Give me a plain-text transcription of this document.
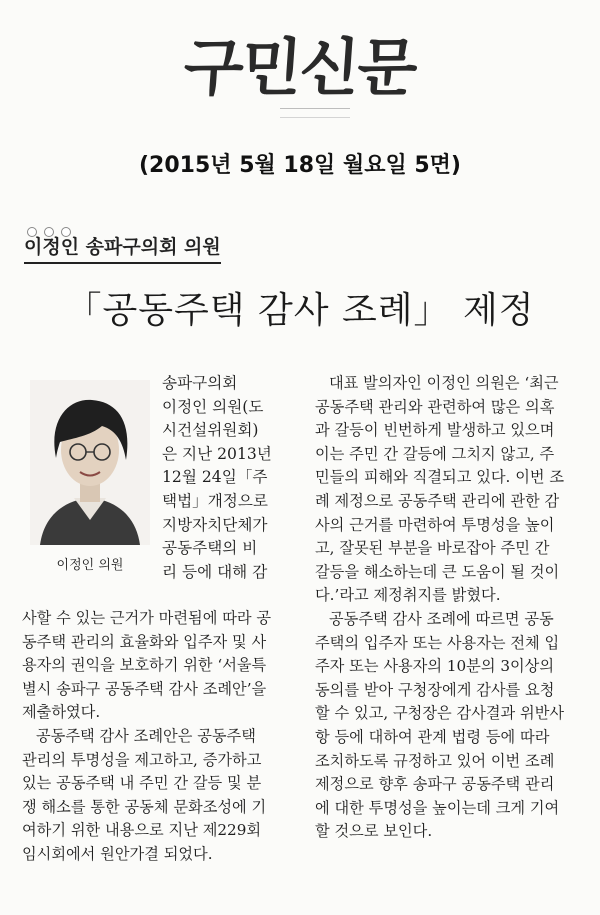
구민신문
(2015년 5월 18일 월요일 5면)
이정인 송파구의회 의원
「공동주택 감사 조례」 제정
이정인 의원
송파구의회
이정인 의원(도
시건설위원회)
은 지난 2013년
12월 24일「주
택법」개정으로
지방자치단체가
공동주택의 비
리 등에 대해 감
사할 수 있는 근거가 마련됨에 따라 공
동주택 관리의 효율화와 입주자 및 사
용자의 권익을 보호하기 위한 ‘서울특
별시 송파구 공동주택 감사 조례안’을
제출하였다.
공동주택 감사 조례안은 공동주택
관리의 투명성을 제고하고, 증가하고
있는 공동주택 내 주민 간 갈등 및 분
쟁 해소를 통한 공동체 문화조성에 기
여하기 위한 내용으로 지난 제229회
임시회에서 원안가결 되었다.
대표 발의자인 이정인 의원은 ‘최근
공동주택 관리와 관련하여 많은 의혹
과 갈등이 빈번하게 발생하고 있으며
이는 주민 간 갈등에 그치지 않고, 주
민들의 피해와 직결되고 있다. 이번 조
례 제정으로 공동주택 관리에 관한 감
사의 근거를 마련하여 투명성을 높이
고, 잘못된 부분을 바로잡아 주민 간
갈등을 해소하는데 큰 도움이 될 것이
다.’라고 제정취지를 밝혔다.
공동주택 감사 조례에 따르면 공동
주택의 입주자 또는 사용자는 전체 입
주자 또는 사용자의 10분의 3이상의
동의를 받아 구청장에게 감사를 요청
할 수 있고, 구청장은 감사결과 위반사
항 등에 대하여 관계 법령 등에 따라
조치하도록 규정하고 있어 이번 조례
제정으로 향후 송파구 공동주택 관리
에 대한 투명성을 높이는데 크게 기여
할 것으로 보인다.
